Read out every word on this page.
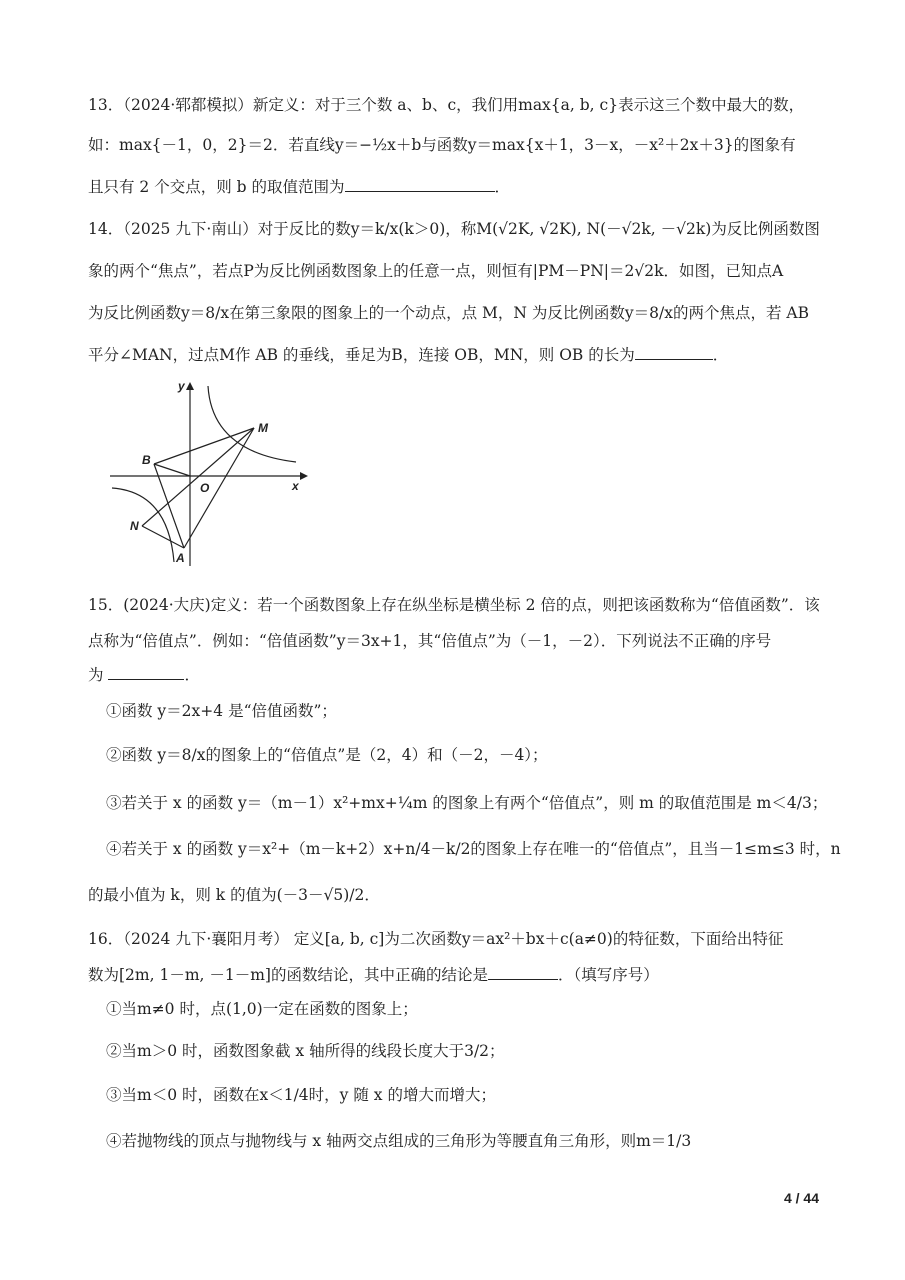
13．（2024·郓都模拟）新定义：对于三个数 a、b、c，我们用max{a, b, c}表示这三个数中最大的数，
如：max{－1，0，2}＝2．若直线y＝−½x＋b与函数y＝max{x＋1，3－x，－x²＋2x＋3}的图象有
且只有 2 个交点，则 b 的取值范围为	．
14．（2025 九下·南山）对于反比的数y＝k/x(k＞0)，称M(√2K, √2K), N(－√2k, －√2k)为反比例函数图
象的两个“焦点”，若点P为反比例函数图象上的任意一点，则恒有|PM－PN|＝2√2k．如图，已知点A
为反比例函数y＝8/x在第三象限的图象上的一个动点，点 M，N 为反比例函数y＝8/x的两个焦点，若 AB
平分∠MAN，过点M作 AB 的垂线，垂足为B，连接 OB，MN，则 OB 的长为	．
y
x
O
M
B
N
A
15．(2024·大庆)定义：若一个函数图象上存在纵坐标是横坐标 2 倍的点，则把该函数称为“倍值函数”．该
点称为“倍值点”．例如：“倍值函数”y＝3x+1，其“倍值点”为（－1，－2）．下列说法不正确的序号
为	．
①函数 y＝2x+4 是“倍值函数”；
②函数 y＝8/x的图象上的“倍值点”是（2，4）和（－2，－4）；
③若关于 x 的函数 y＝（m－1）x²+mx+¼m 的图象上有两个“倍值点”，则 m 的取值范围是 m＜4/3；
④若关于 x 的函数 y＝x²+（m－k+2）x+n/4－k/2的图象上存在唯一的“倍值点”，且当－1≤m≤3 时，n
的最小值为 k，则 k 的值为(－3－√5)/2．
16．（2024 九下·襄阳月考） 定义[a, b, c]为二次函数y＝ax²＋bx＋c(a≠0)的特征数，下面给出特征
数为[2m, 1－m, －1－m]的函数结论，其中正确的结论是	．（填写序号）
①当m≠0 时，点(1,0)一定在函数的图象上；
②当m＞0 时，函数图象截 x 轴所得的线段长度大于3/2；
③当m＜0 时，函数在x＜1/4时，y 随 x 的增大而增大；
④若抛物线的顶点与抛物线与 x 轴两交点组成的三角形为等腰直角三角形，则m＝1/3
4 / 44
